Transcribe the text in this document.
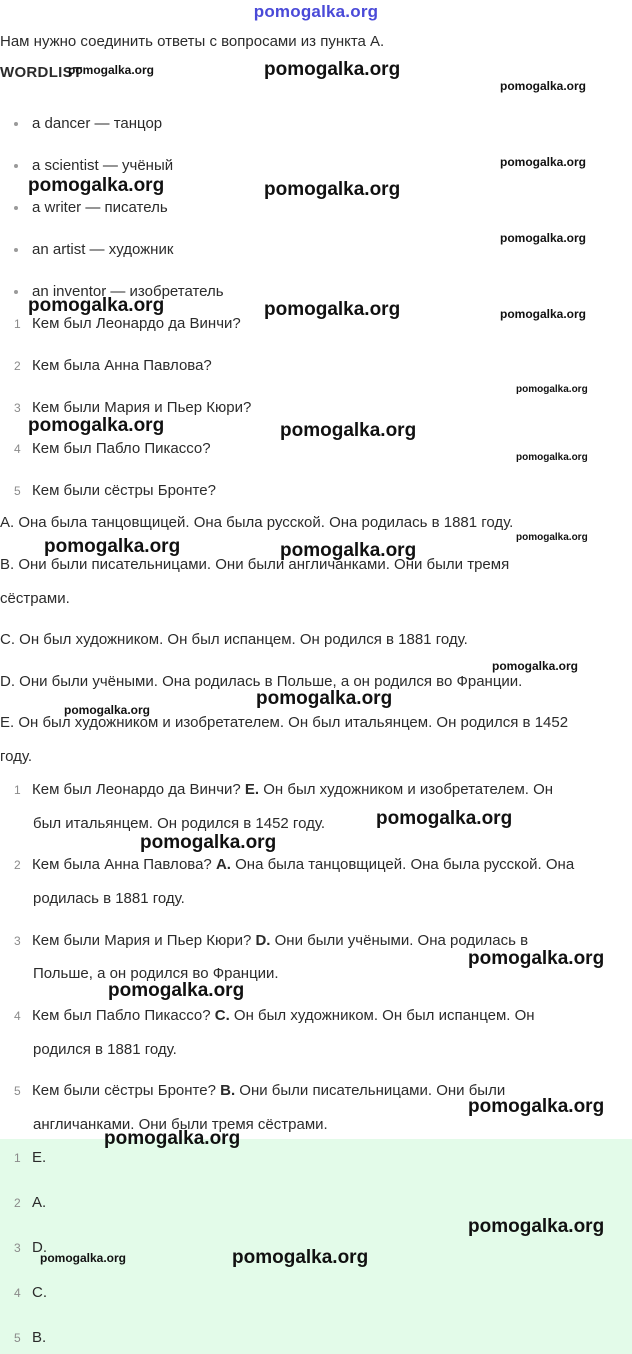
pomogalka.org
Нам нужно соединить ответы с вопросами из пункта А.
WORDLIST
a dancer — танцор
a scientist — учёный
a writer — писатель
an artist — художник
an inventor — изобретатель
1 Кем был Леонардо да Винчи?
2 Кем была Анна Павлова?
3 Кем были Мария и Пьер Кюри?
4 Кем был Пабло Пикассо?
5 Кем были сёстры Бронте?
A. Она была танцовщицей. Она была русской. Она родилась в 1881 году.
B. Они были писательницами. Они были англичанками. Они были тремя
сёстрами.
C. Он был художником. Он был испанцем. Он родился в 1881 году.
D. Они были учёными. Она родилась в Польше, а он родился во Франции.
E. Он был художником и изобретателем. Он был итальянцем. Он родился в 1452
году.
1 Кем был Леонардо да Винчи? E. Он был художником и изобретателем. Он
был итальянцем. Он родился в 1452 году.
2 Кем была Анна Павлова? A. Она была танцовщицей. Она была русской. Она
родилась в 1881 году.
3 Кем были Мария и Пьер Кюри? D. Они были учёными. Она родилась в
Польше, а он родился во Франции.
4 Кем был Пабло Пикассо? C. Он был художником. Он был испанцем. Он
родился в 1881 году.
5 Кем были сёстры Бронте? B. Они были писательницами. Они были
англичанками. Они были тремя сёстрами.
1 E.
2 A.
3 D.
4 C.
5 B.
pomogalka.org	pomogalka.org
pomogalka.org
pomogalka.org
pomogalka.org	pomogalka.org
pomogalka.org
pomogalka.org	pomogalka.org	pomogalka.org
pomogalka.org
pomogalka.org	pomogalka.org
pomogalka.org
pomogalka.org
pomogalka.org	pomogalka.org
pomogalka.org
pomogalka.org
pomogalka.org
pomogalka.org
pomogalka.org
pomogalka.org
pomogalka.org
pomogalka.org
pomogalka.org
pomogalka.org
pomogalka.org
pomogalka.org
